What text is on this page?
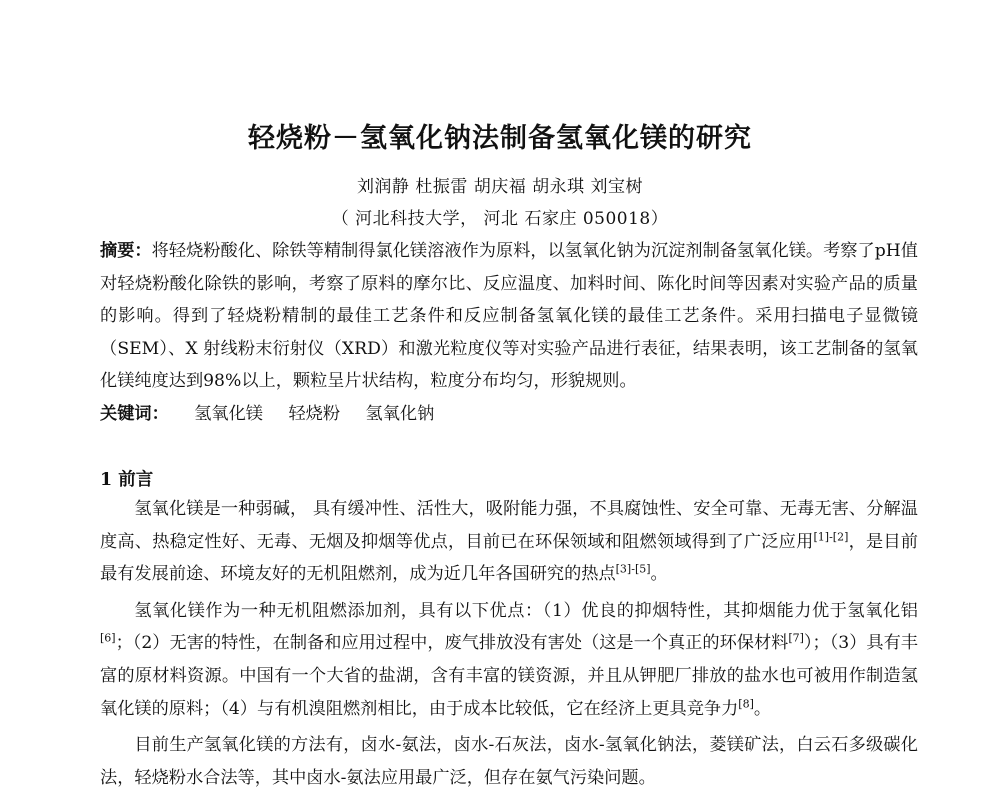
轻烧粉－氢氧化钠法制备氢氧化镁的研究
刘润静 杜振雷 胡庆福 胡永琪 刘宝树
（ 河北科技大学， 河北 石家庄 050018）
摘要：将轻烧粉酸化、除铁等精制得氯化镁溶液作为原料，以氢氧化钠为沉淀剂制备氢氧化镁。考察了pH值对轻烧粉酸化除铁的影响，考察了原料的摩尔比、反应温度、加料时间、陈化时间等因素对实验产品的质量的影响。得到了轻烧粉精制的最佳工艺条件和反应制备氢氧化镁的最佳工艺条件。采用扫描电子显微镜（SEM）、X 射线粉末衍射仪（XRD）和激光粒度仪等对实验产品进行表征，结果表明，该工艺制备的氢氧化镁纯度达到98%以上，颗粒呈片状结构，粒度分布均匀，形貌规则。
关键词： 氢氧化镁 轻烧粉 氢氧化钠
1 前言

氢氧化镁是一种弱碱， 具有缓冲性、活性大，吸附能力强，不具腐蚀性、安全可靠、无毒无害、分解温度高、热稳定性好、无毒、无烟及抑烟等优点，目前已在环保领域和阻燃领域得到了广泛应用[1]-[2]，是目前最有发展前途、环境友好的无机阻燃剂，成为近几年各国研究的热点[3]-[5]。

氢氧化镁作为一种无机阻燃添加剂，具有以下优点：（1）优良的抑烟特性，其抑烟能力优于氢氧化铝[6]；（2）无害的特性，在制备和应用过程中，废气排放没有害处（这是一个真正的环保材料[7]）；（3）具有丰富的原材料资源。中国有一个大省的盐湖，含有丰富的镁资源，并且从钾肥厂排放的盐水也可被用作制造氢氧化镁的原料；（4）与有机溴阻燃剂相比，由于成本比较低，它在经济上更具竞争力[8]。

目前生产氢氧化镁的方法有，卤水-氨法，卤水-石灰法，卤水-氢氧化钠法，菱镁矿法，白云石多级碳化法，轻烧粉水合法等，其中卤水-氨法应用最广泛，但存在氨气污染问题。
